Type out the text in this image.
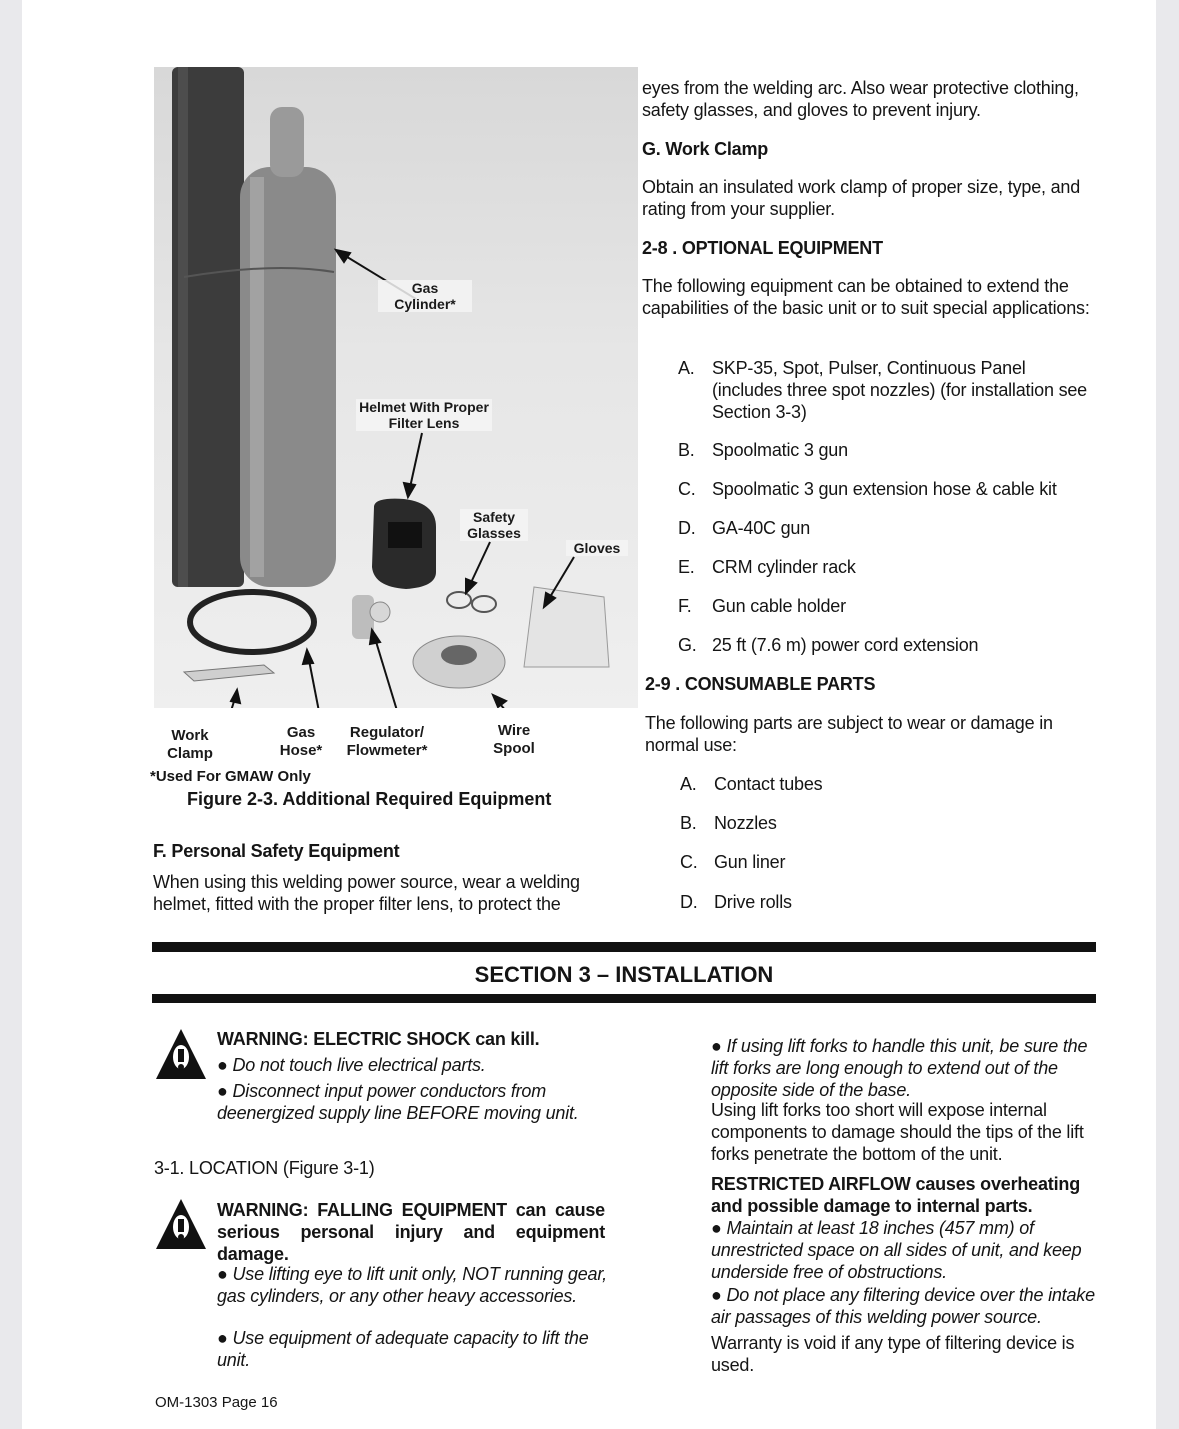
Gas Cylinder*
Helmet With Proper Filter Lens
Safety Glasses
Gloves
Work Clamp
Gas Hose*
Regulator/ Flowmeter*
Wire Spool
*Used For GMAW Only
Figure 2-3. Additional Required Equipment
F. Personal Safety Equipment
When using this welding power source, wear a welding helmet, fitted with the proper filter lens, to protect the
eyes from the welding arc. Also wear protective clothing, safety glasses, and gloves to prevent injury.
G. Work Clamp
Obtain an insulated work clamp of proper size, type, and rating from your supplier.
2-8 . OPTIONAL EQUIPMENT
The following equipment can be obtained to extend the capabilities of the basic unit or to suit special applications:
A. SKP-35, Spot, Pulser, Continuous Panel (includes three spot nozzles) (for installation see Section 3-3)
B. Spoolmatic 3 gun
C. Spoolmatic 3 gun extension hose & cable kit
D. GA-40C gun
E. CRM cylinder rack
F.	Gun cable holder
G. 25 ft (7.6 m) power cord extension
2-9 . CONSUMABLE PARTS
The following parts are subject to wear or damage in normal use:
A. Contact tubes
B. Nozzles
C. Gun liner
D. Drive rolls
SECTION 3 – INSTALLATION
WARNING: ELECTRIC SHOCK can kill.
● Do not touch live electrical parts.
● Disconnect input power conductors from deenergized supply line BEFORE moving unit.
3-1. LOCATION (Figure 3-1)
WARNING: FALLING EQUIPMENT can cause serious personal injury and equipment damage.
● Use lifting eye to lift unit only, NOT running gear, gas cylinders, or any other heavy accessories.
● Use equipment of adequate capacity to lift the unit.
● If using lift forks to handle this unit, be sure the lift forks are long enough to extend out of the opposite side of the base.
Using lift forks too short will expose internal components to damage should the tips of the lift forks penetrate the bottom of the unit.
RESTRICTED AIRFLOW causes overheating and possible damage to internal parts.
● Maintain at least 18 inches (457 mm) of unrestricted space on all sides of unit, and keep underside free of obstructions.
● Do not place any filtering device over the intake air passages of this welding power source.
Warranty is void if any type of filtering device is used.
OM-1303 Page 16
